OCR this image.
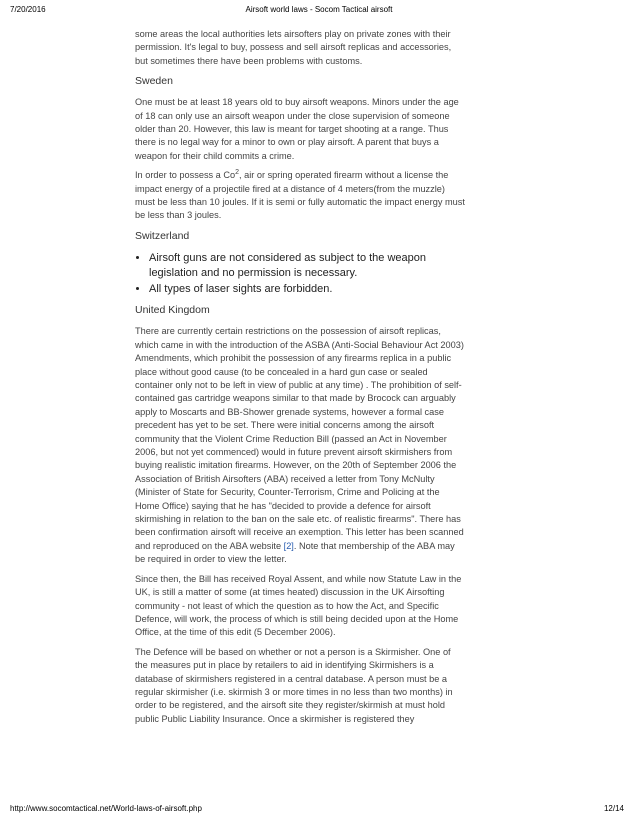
7/20/2016	Airsoft world laws - Socom Tactical airsoft

some areas the local authorities lets airsofters play on private zones with their permission. It's legal to buy, possess and sell airsoft replicas and accessories, but sometimes there have been problems with customs.

Sweden

One must be at least 18 years old to buy airsoft weapons. Minors under the age of 18 can only use an airsoft weapon under the close supervision of someone older than 20. However, this law is meant for target shooting at a range. Thus there is no legal way for a minor to own or play airsoft. A parent that buys a weapon for their child commits a crime.

In order to possess a Co$^2$, air or spring operated firearm without a license the impact energy of a projectile fired at a distance of 4 meters(from the muzzle) must be less than 10 joules. If it is semi or fully automatic the impact energy must be less than 3 joules.

Switzerland
• Airsoft guns are not considered as subject to the weapon legislation and no permission is necessary.
• All types of laser sights are forbidden.
United Kingdom

There are currently certain restrictions on the possession of airsoft replicas, which came in with the introduction of the ASBA (Anti-Social Behaviour Act 2003) Amendments, which prohibit the possession of any firearms replica in a public place without good cause (to be concealed in a hard gun case or sealed container only not to be left in view of public at any time) . The prohibition of self-contained gas cartridge weapons similar to that made by Brocock can arguably apply to Moscarts and BB-Shower grenade systems, however a formal case precedent has yet to be set. There were initial concerns among the airsoft community that the Violent Crime Reduction Bill (passed an Act in November 2006, but not yet commenced) would in future prevent airsoft skirmishers from buying realistic imitation firearms. However, on the 20th of September 2006 the Association of British Airsofters (ABA) received a letter from Tony McNulty (Minister of State for Security, Counter-Terrorism, Crime and Policing at the Home Office) saying that he has "decided to provide a defence for airsoft skirmishing in relation to the ban on the sale etc. of realistic firearms". There has been confirmation airsoft will receive an exemption. This letter has been scanned and reproduced on the ABA website [2]. Note that membership of the ABA may be required in order to view the letter.

Since then, the Bill has received Royal Assent, and while now Statute Law in the UK, is still a matter of some (at times heated) discussion in the UK Airsofting community - not least of which the question as to how the Act, and Specific Defence, will work, the process of which is still being decided upon at the Home Office, at the time of this edit (5 December 2006).

The Defence will be based on whether or not a person is a Skirmisher. One of the measures put in place by retailers to aid in identifying Skirmishers is a database of skirmishers registered in a central database. A person must be a regular skirmisher (i.e. skirmish 3 or more times in no less than two months) in order to be registered, and the airsoft site they register/skirmish at must hold public Public Liability Insurance. Once a skirmisher is registered they

http://www.socomtactical.net/World-laws-of-airsoft.php	12/14
